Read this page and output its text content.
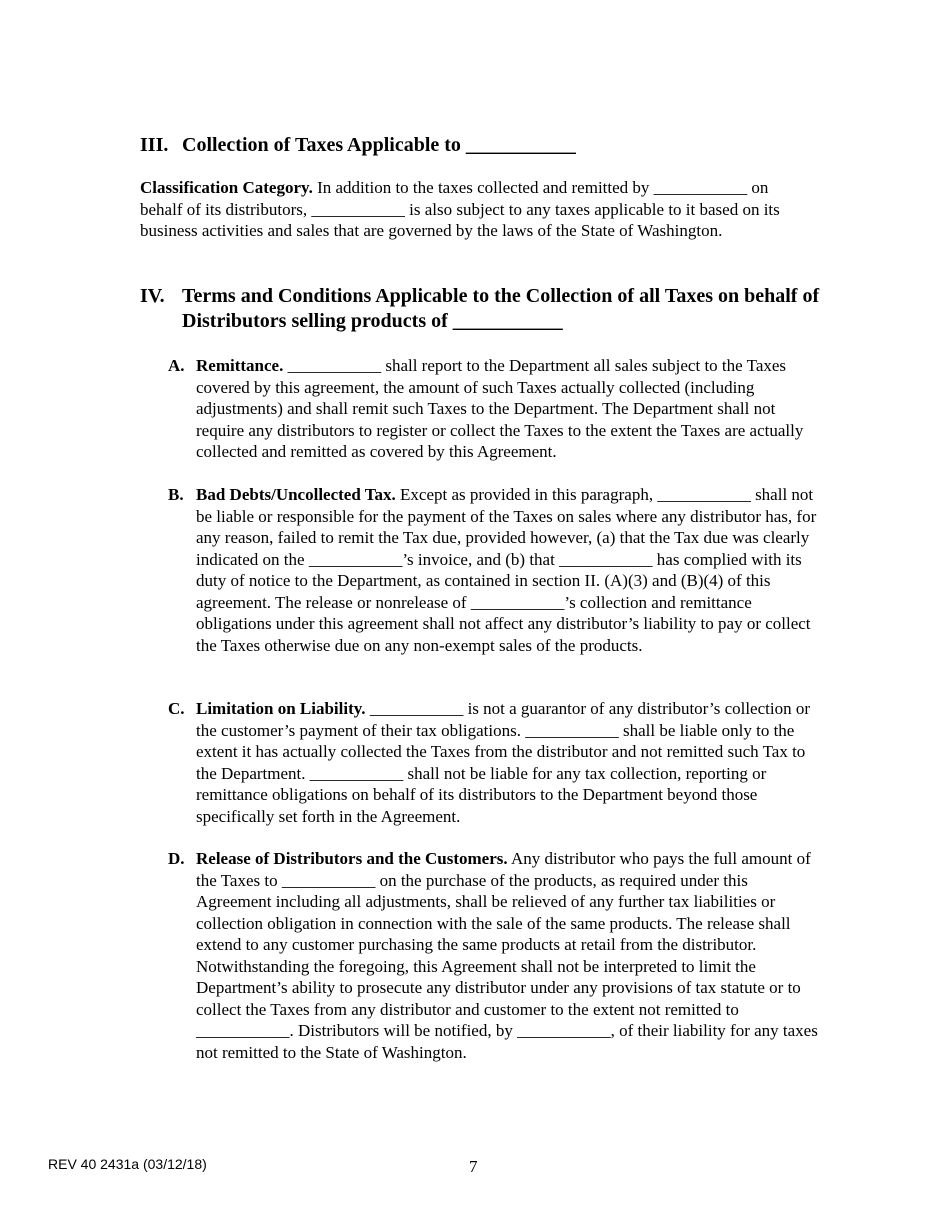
III. Collection of Taxes Applicable to ___________

Classification Category. In addition to the taxes collected and remitted by ___________ on behalf of its distributors, ___________ is also subject to any taxes applicable to it based on its business activities and sales that are governed by the laws of the State of Washington.

IV. Terms and Conditions Applicable to the Collection of all Taxes on behalf of Distributors selling products of ___________
A. Remittance. ___________ shall report to the Department all sales subject to the Taxes covered by this agreement, the amount of such Taxes actually collected (including adjustments) and shall remit such Taxes to the Department. The Department shall not require any distributors to register or collect the Taxes to the extent the Taxes are actually collected and remitted as covered by this Agreement.
B. Bad Debts/Uncollected Tax. Except as provided in this paragraph, ___________ shall not be liable or responsible for the payment of the Taxes on sales where any distributor has, for any reason, failed to remit the Tax due, provided however, (a) that the Tax due was clearly indicated on the ___________’s invoice, and (b) that ___________ has complied with its duty of notice to the Department, as contained in section II. (A)(3) and (B)(4) of this agreement. The release or nonrelease of ___________’s collection and remittance obligations under this agreement shall not affect any distributor’s liability to pay or collect the Taxes otherwise due on any non-exempt sales of the products.
C. Limitation on Liability. ___________ is not a guarantor of any distributor’s collection or the customer’s payment of their tax obligations. ___________ shall be liable only to the extent it has actually collected the Taxes from the distributor and not remitted such Tax to the Department. ___________ shall not be liable for any tax collection, reporting or remittance obligations on behalf of its distributors to the Department beyond those specifically set forth in the Agreement.
D. Release of Distributors and the Customers. Any distributor who pays the full amount of the Taxes to ___________ on the purchase of the products, as required under this Agreement including all adjustments, shall be relieved of any further tax liabilities or collection obligation in connection with the sale of the same products. The release shall extend to any customer purchasing the same products at retail from the distributor. Notwithstanding the foregoing, this Agreement shall not be interpreted to limit the Department’s ability to prosecute any distributor under any provisions of tax statute or to collect the Taxes from any distributor and customer to the extent not remitted to ___________. Distributors will be notified, by ___________, of their liability for any taxes not remitted to the State of Washington.
REV 40 2431a (03/12/18)	7
